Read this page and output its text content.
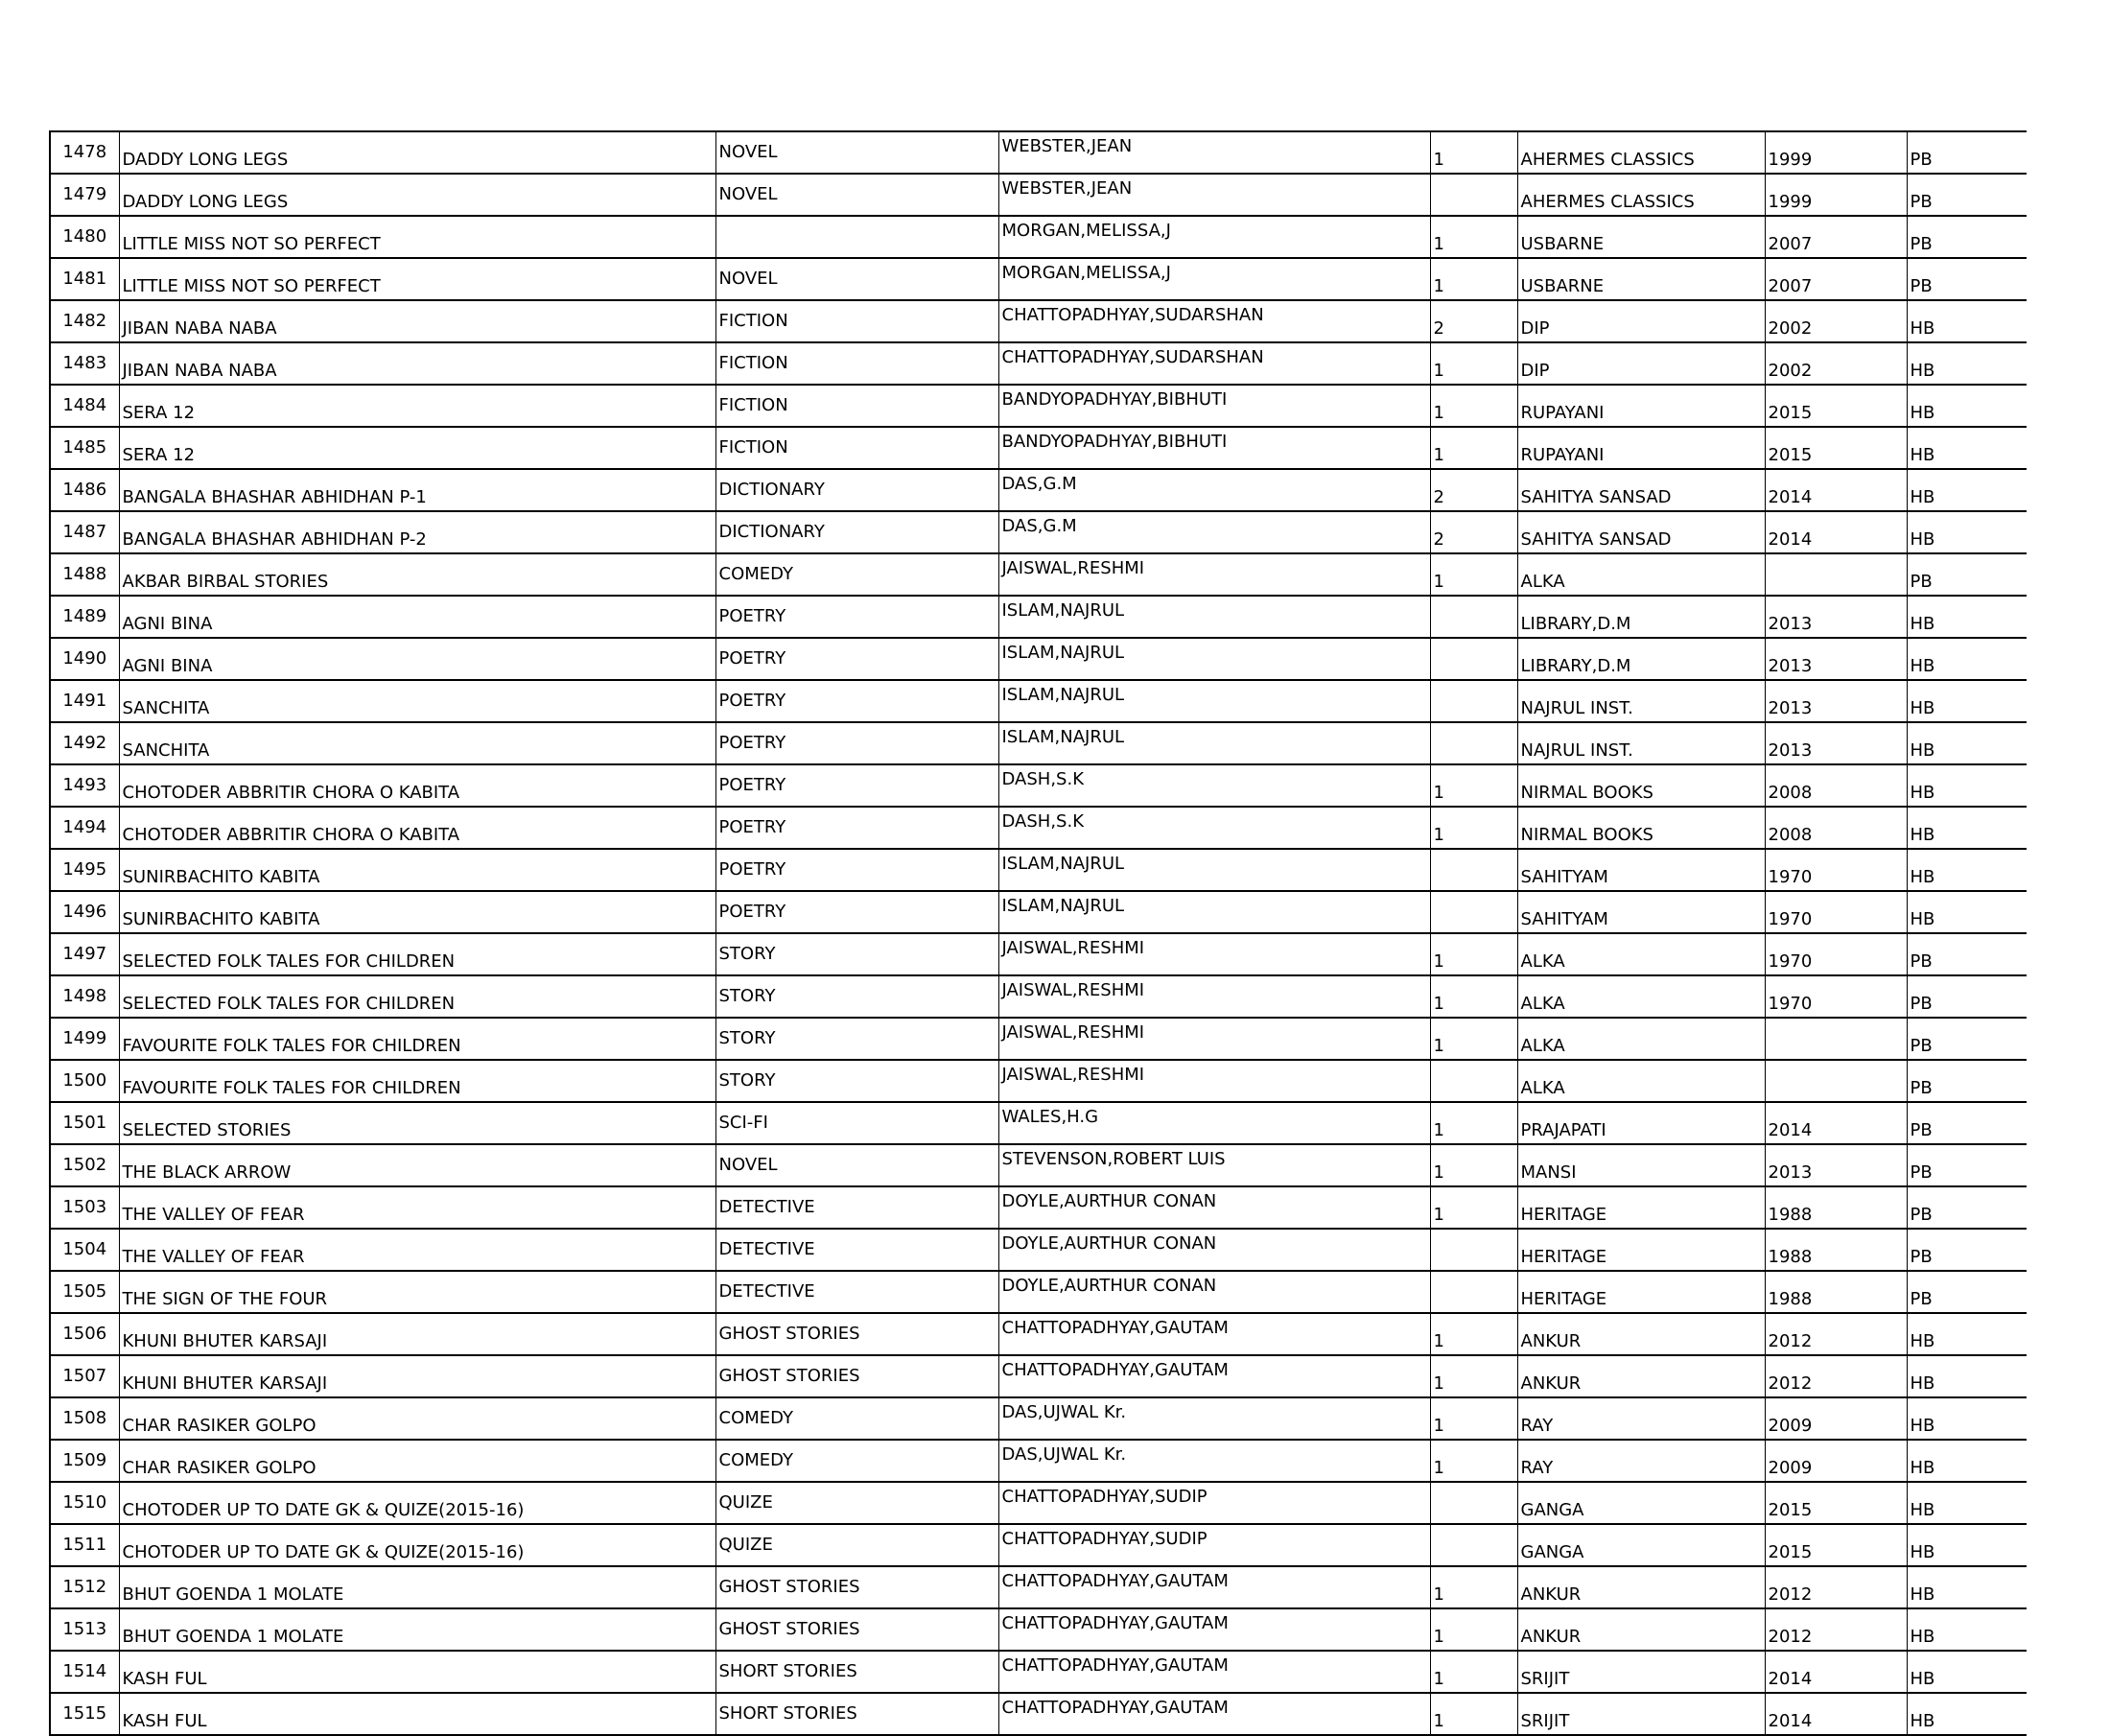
1478	DADDY LONG LEGS	NOVEL	WEBSTER,JEAN	1	AHERMES CLASSICS	1999	PB
1479	DADDY LONG LEGS	NOVEL	WEBSTER,JEAN		AHERMES CLASSICS	1999	PB
1480	LITTLE MISS NOT SO PERFECT		MORGAN,MELISSA,J	1	USBARNE	2007	PB
1481	LITTLE MISS NOT SO PERFECT	NOVEL	MORGAN,MELISSA,J	1	USBARNE	2007	PB
1482	JIBAN NABA NABA	FICTION	CHATTOPADHYAY,SUDARSHAN	2	DIP	2002	HB
1483	JIBAN NABA NABA	FICTION	CHATTOPADHYAY,SUDARSHAN	1	DIP	2002	HB
1484	SERA 12	FICTION	BANDYOPADHYAY,BIBHUTI	1	RUPAYANI	2015	HB
1485	SERA 12	FICTION	BANDYOPADHYAY,BIBHUTI	1	RUPAYANI	2015	HB
1486	BANGALA BHASHAR ABHIDHAN P-1	DICTIONARY	DAS,G.M	2	SAHITYA SANSAD	2014	HB
1487	BANGALA BHASHAR ABHIDHAN P-2	DICTIONARY	DAS,G.M	2	SAHITYA SANSAD	2014	HB
1488	AKBAR BIRBAL STORIES	COMEDY	JAISWAL,RESHMI	1	ALKA		PB
1489	AGNI BINA	POETRY	ISLAM,NAJRUL		LIBRARY,D.M	2013	HB
1490	AGNI BINA	POETRY	ISLAM,NAJRUL		LIBRARY,D.M	2013	HB
1491	SANCHITA	POETRY	ISLAM,NAJRUL		NAJRUL INST.	2013	HB
1492	SANCHITA	POETRY	ISLAM,NAJRUL		NAJRUL INST.	2013	HB
1493	CHOTODER ABBRITIR CHORA O KABITA	POETRY	DASH,S.K	1	NIRMAL BOOKS	2008	HB
1494	CHOTODER ABBRITIR CHORA O KABITA	POETRY	DASH,S.K	1	NIRMAL BOOKS	2008	HB
1495	SUNIRBACHITO KABITA	POETRY	ISLAM,NAJRUL		SAHITYAM	1970	HB
1496	SUNIRBACHITO KABITA	POETRY	ISLAM,NAJRUL		SAHITYAM	1970	HB
1497	SELECTED FOLK TALES FOR CHILDREN	STORY	JAISWAL,RESHMI	1	ALKA	1970	PB
1498	SELECTED FOLK TALES FOR CHILDREN	STORY	JAISWAL,RESHMI	1	ALKA	1970	PB
1499	FAVOURITE FOLK TALES FOR CHILDREN	STORY	JAISWAL,RESHMI	1	ALKA		PB
1500	FAVOURITE FOLK TALES FOR CHILDREN	STORY	JAISWAL,RESHMI		ALKA		PB
1501	SELECTED STORIES	SCI-FI	WALES,H.G	1	PRAJAPATI	2014	PB
1502	THE BLACK ARROW	NOVEL	STEVENSON,ROBERT LUIS	1	MANSI	2013	PB
1503	THE VALLEY OF FEAR	DETECTIVE	DOYLE,AURTHUR CONAN	1	HERITAGE	1988	PB
1504	THE VALLEY OF FEAR	DETECTIVE	DOYLE,AURTHUR CONAN		HERITAGE	1988	PB
1505	THE SIGN OF THE FOUR	DETECTIVE	DOYLE,AURTHUR CONAN		HERITAGE	1988	PB
1506	KHUNI BHUTER KARSAJI	GHOST STORIES	CHATTOPADHYAY,GAUTAM	1	ANKUR	2012	HB
1507	KHUNI BHUTER KARSAJI	GHOST STORIES	CHATTOPADHYAY,GAUTAM	1	ANKUR	2012	HB
1508	CHAR RASIKER GOLPO	COMEDY	DAS,UJWAL Kr.	1	RAY	2009	HB
1509	CHAR RASIKER GOLPO	COMEDY	DAS,UJWAL Kr.	1	RAY	2009	HB
1510	CHOTODER UP TO DATE GK & QUIZE(2015-16)	QUIZE	CHATTOPADHYAY,SUDIP		GANGA	2015	HB
1511	CHOTODER UP TO DATE GK & QUIZE(2015-16)	QUIZE	CHATTOPADHYAY,SUDIP		GANGA	2015	HB
1512	BHUT GOENDA 1 MOLATE	GHOST STORIES	CHATTOPADHYAY,GAUTAM	1	ANKUR	2012	HB
1513	BHUT GOENDA 1 MOLATE	GHOST STORIES	CHATTOPADHYAY,GAUTAM	1	ANKUR	2012	HB
1514	KASH FUL	SHORT STORIES	CHATTOPADHYAY,GAUTAM	1	SRIJIT	2014	HB
1515	KASH FUL	SHORT STORIES	CHATTOPADHYAY,GAUTAM	1	SRIJIT	2014	HB
